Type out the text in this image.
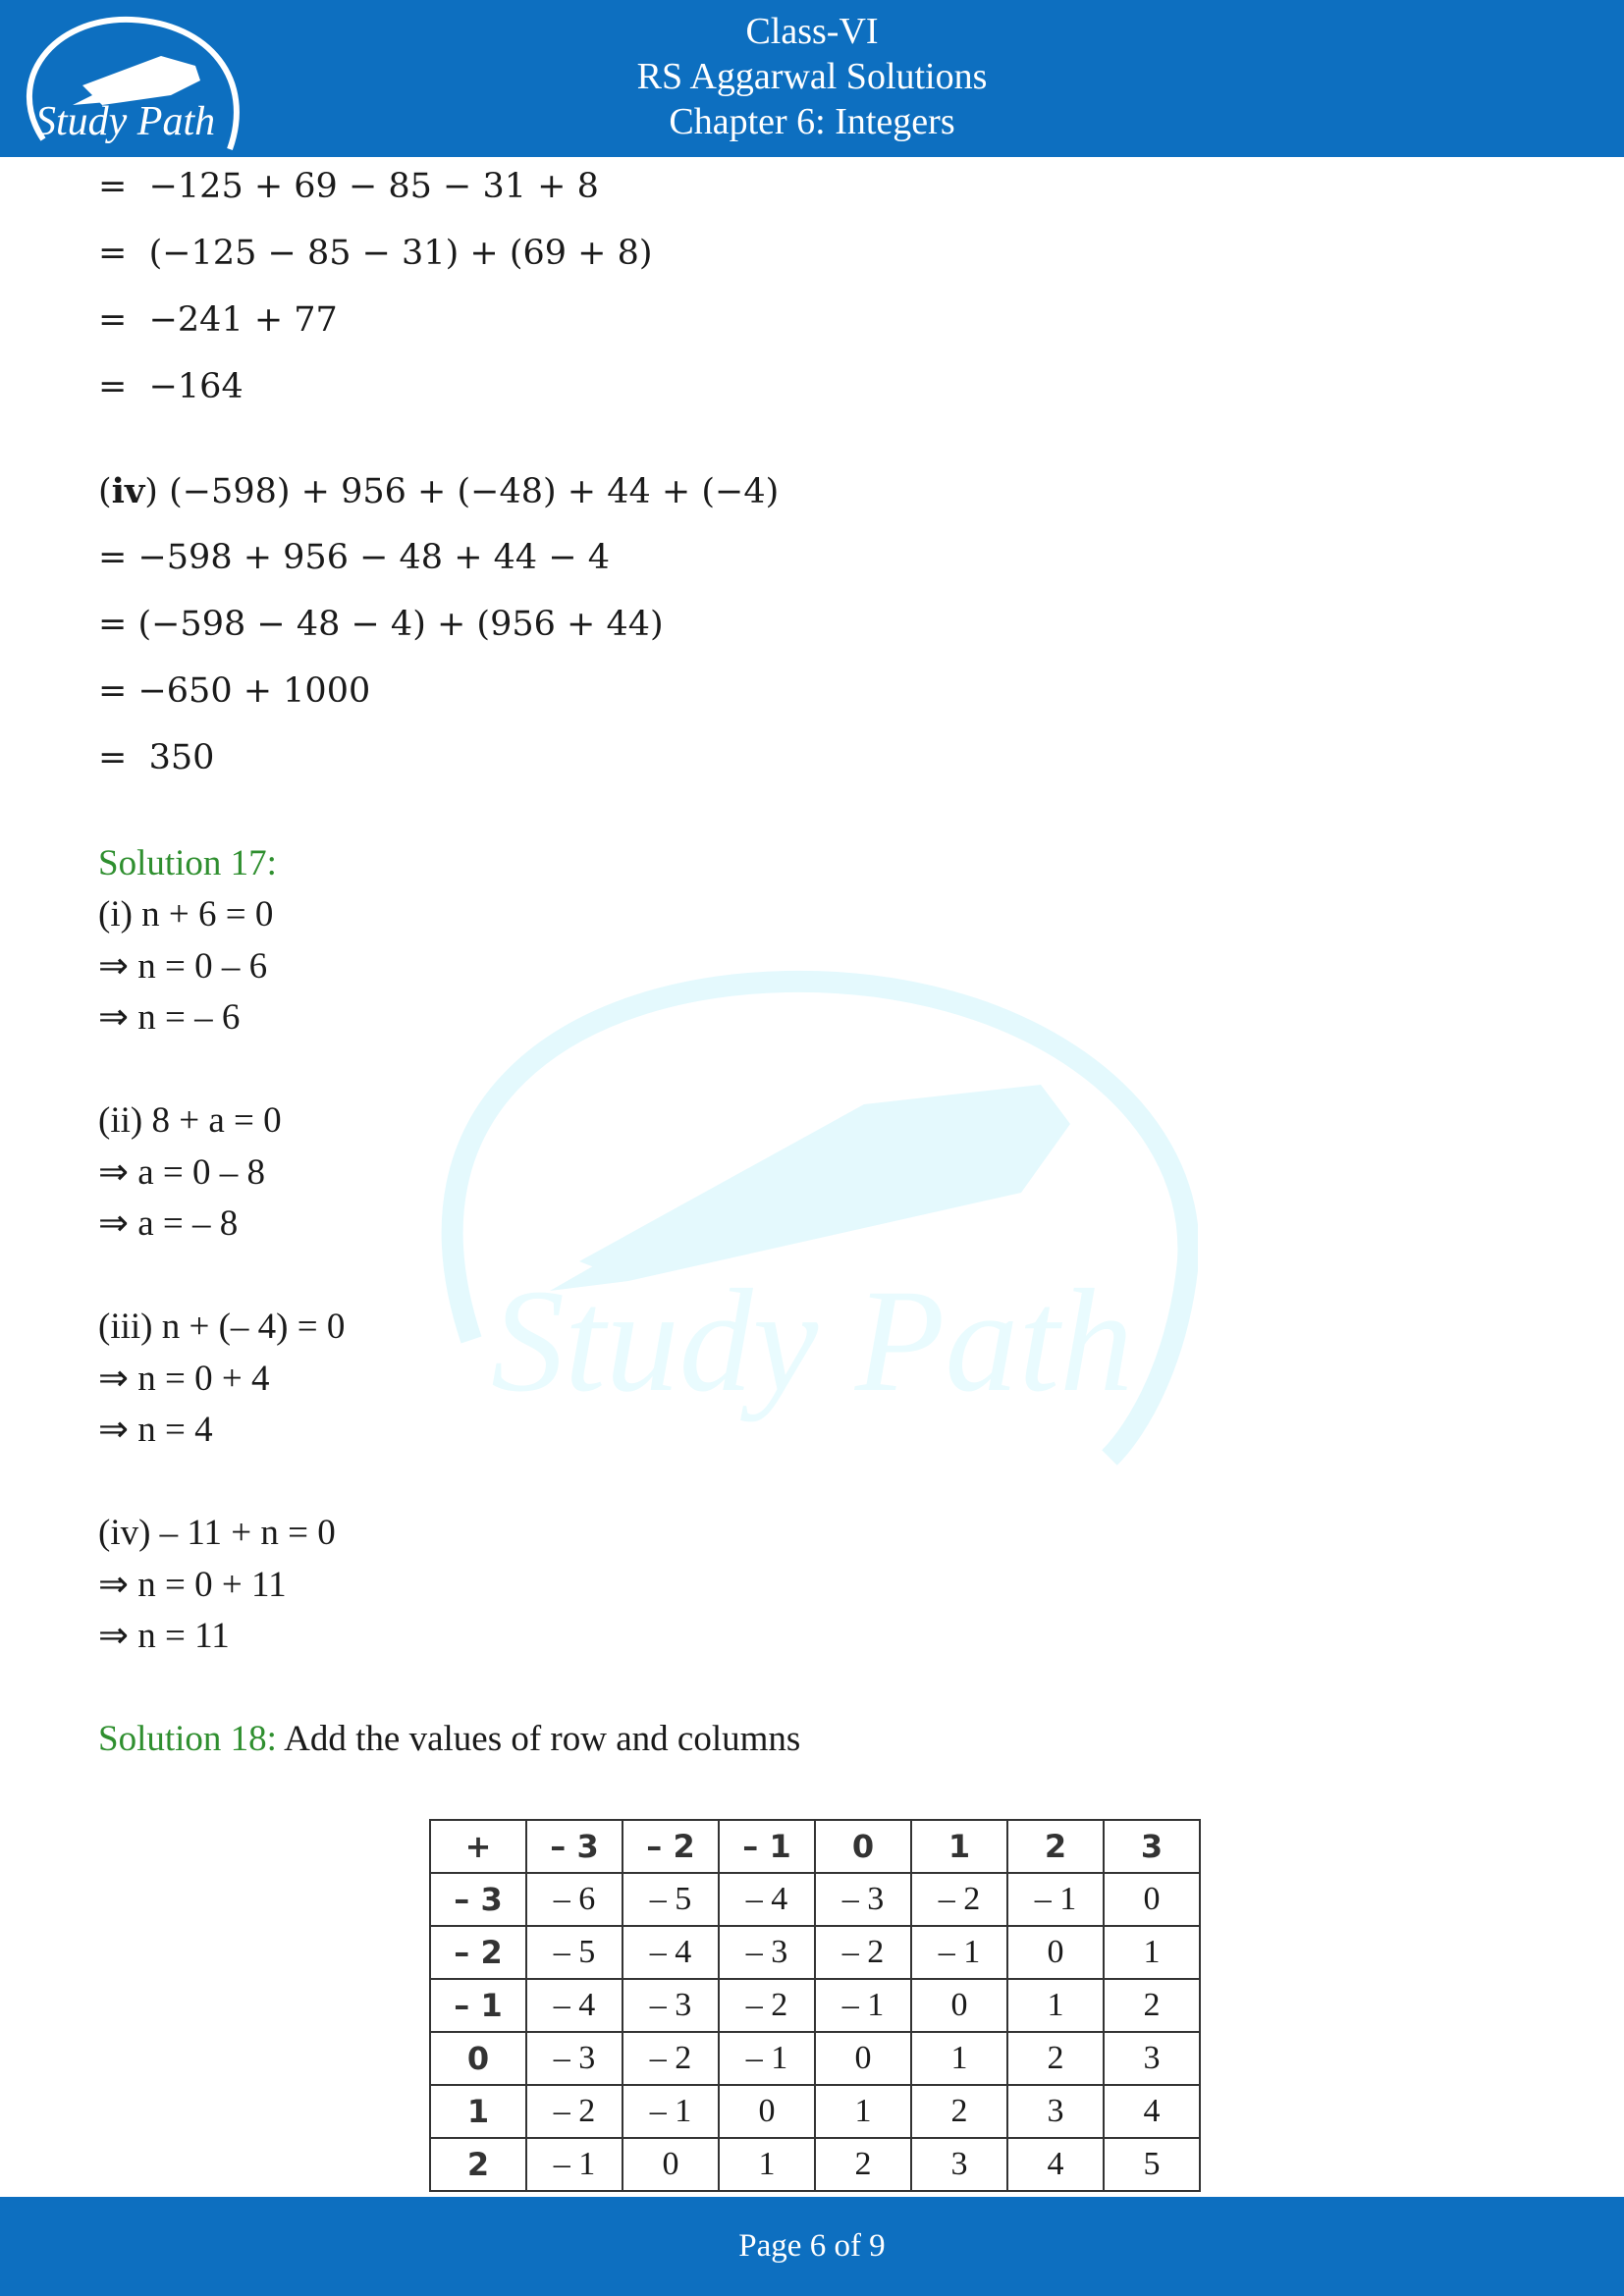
Study Path
Class-VI
RS Aggarwal Solutions
Chapter 6: Integers
Study Path
=  −125 + 69 − 85 − 31 + 8
=  (−125 − 85 − 31) + (69 + 8)
=  −241 + 77
=  −164
(iv) (−598) + 956 + (−48) + 44 + (−4)
= −598 + 956 − 48 + 44 − 4
= (−598 − 48 − 4) + (956 + 44)
= −650 + 1000
=  350
Solution 17:
(i) n + 6 = 0
⇒ n = 0 – 6
⇒ n = – 6
(ii) 8 + a = 0
⇒ a = 0 – 8
⇒ a = – 8
(iii) n + (– 4) = 0
⇒ n = 0 + 4
⇒ n = 4
(iv) – 11 + n = 0
⇒ n = 0 + 11
⇒ n = 11
Solution 18: Add the values of row and columns
+	– 3	– 2	– 1	0	1	2	3
– 3	– 6	– 5	– 4	– 3	– 2	– 1	0
– 2	– 5	– 4	– 3	– 2	– 1	0	1
– 1	– 4	– 3	– 2	– 1	0	1	2
0	– 3	– 2	– 1	0	1	2	3
1	– 2	– 1	0	1	2	3	4
2	– 1	0	1	2	3	4	5
Page 6 of 9
